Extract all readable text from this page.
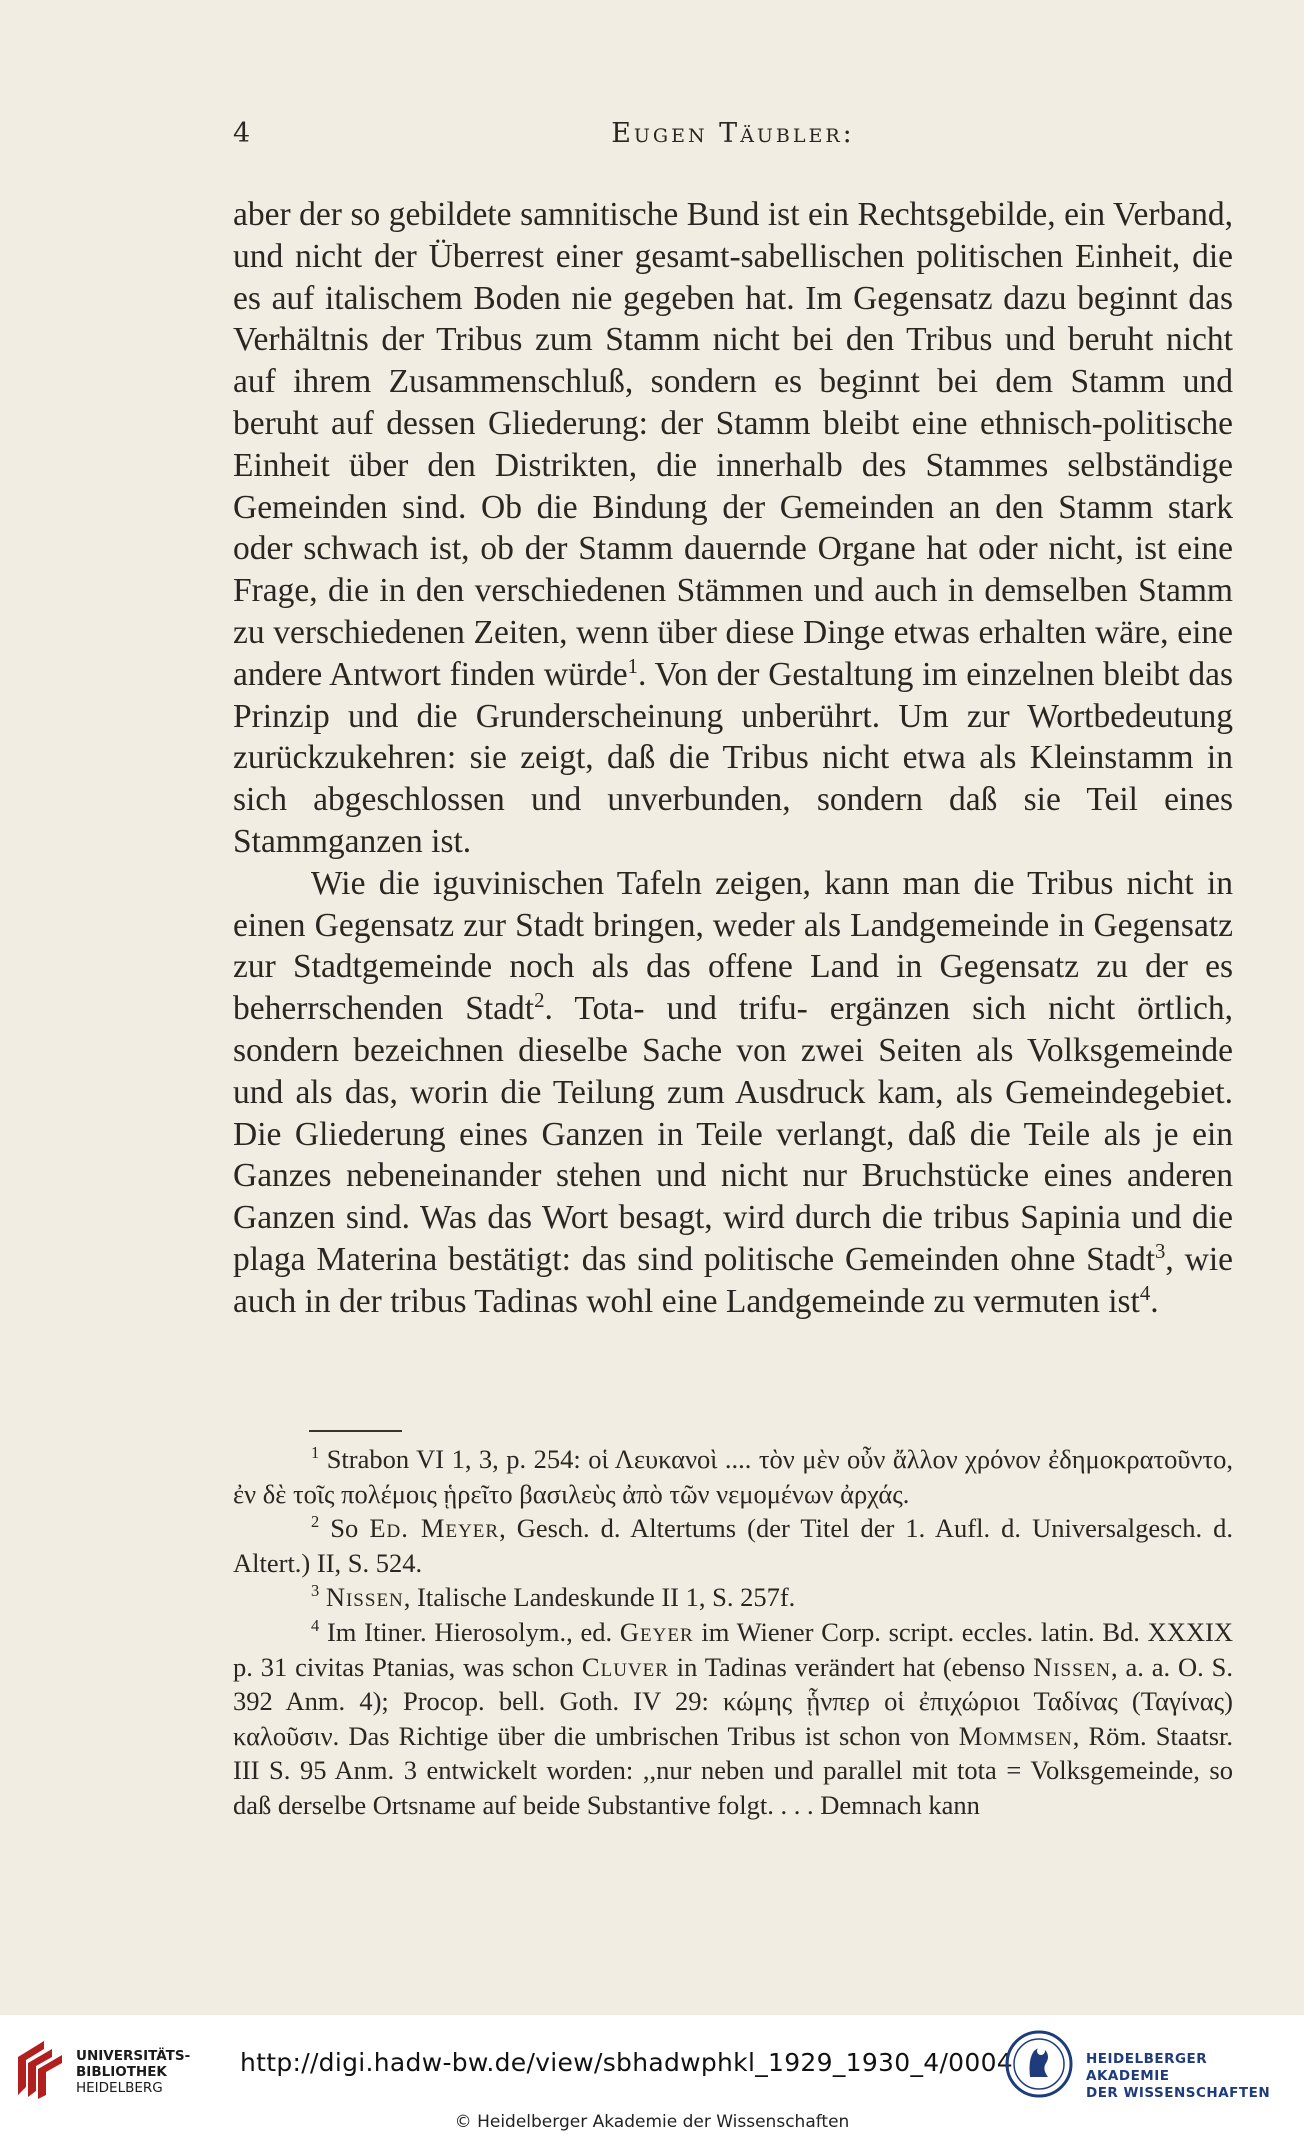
4	Eugen Täubler:

aber der so gebildete samnitische Bund ist ein Rechtsgebilde, ein Verband, und nicht der Überrest einer gesamt-sabellischen politischen Einheit, die es auf italischem Boden nie gegeben hat. Im Gegensatz dazu beginnt das Verhältnis der Tribus zum Stamm nicht bei den Tribus und beruht nicht auf ihrem Zusammenschluß, sondern es beginnt bei dem Stamm und beruht auf dessen Gliederung: der Stamm bleibt eine ethnisch-politische Einheit über den Distrikten, die innerhalb des Stammes selbständige Gemeinden sind. Ob die Bindung der Gemeinden an den Stamm stark oder schwach ist, ob der Stamm dauernde Organe hat oder nicht, ist eine Frage, die in den verschiedenen Stämmen und auch in demselben Stamm zu verschiedenen Zeiten, wenn über diese Dinge etwas erhalten wäre, eine andere Antwort finden würde$^1$. Von der Gestaltung im einzelnen bleibt das Prinzip und die Grunderscheinung unberührt. Um zur Wortbedeutung zurückzukehren: sie zeigt, daß die Tribus nicht etwa als Kleinstamm in sich abgeschlossen und unverbunden, sondern daß sie Teil eines Stammganzen ist.

Wie die iguvinischen Tafeln zeigen, kann man die Tribus nicht in einen Gegensatz zur Stadt bringen, weder als Landgemeinde in Gegensatz zur Stadtgemeinde noch als das offene Land in Gegensatz zu der es beherrschenden Stadt$^2$. Tota- und trifu- ergänzen sich nicht örtlich, sondern bezeichnen dieselbe Sache von zwei Seiten als Volksgemeinde und als das, worin die Teilung zum Ausdruck kam, als Gemeindegebiet. Die Gliederung eines Ganzen in Teile verlangt, daß die Teile als je ein Ganzes nebeneinander stehen und nicht nur Bruchstücke eines anderen Ganzen sind. Was das Wort besagt, wird durch die tribus Sapinia und die plaga Materina bestätigt: das sind politische Gemeinden ohne Stadt$^3$, wie auch in der tribus Tadinas wohl eine Landgemeinde zu vermuten ist$^4$.

$^1$ Strabon VI 1, 3, p. 254: οἱ Λευκανοὶ .... τὸν μὲν οὖν ἄλλον χρόνον ἐδημοκρατοῦντο, ἐν δὲ τοῖς πολέμοις ᾑρεῖτο βασιλεὺς ἀπὸ τῶν νεμομένων ἀρχάς.

$^2$ So Ed. Meyer, Gesch. d. Altertums (der Titel der 1. Aufl. d. Universalgesch. d. Altert.) II, S. 524.

$^3$ Nissen, Italische Landeskunde II 1, S. 257f.

$^4$ Im Itiner. Hierosolym., ed. Geyer im Wiener Corp. script. eccles. latin. Bd. XXXIX p. 31 civitas Ptanias, was schon Cluver in Tadinas verändert hat (ebenso Nissen, a. a. O. S. 392 Anm. 4); Procop. bell. Goth. IV 29: κώμης ᾗνπερ οἱ ἐπιχώριοι Ταδίνας (Ταγίνας) καλοῦσιν. Das Richtige über die umbrischen Tribus ist schon von Mommsen, Röm. Staatsr. III S. 95 Anm. 3 entwickelt worden: ,,nur neben und parallel mit tota = Volksgemeinde, so daß derselbe Ortsname auf beide Substantive folgt. . . . Demnach kann

UNIVERSITÄTS-
BIBLIOTHEK
HEIDELBERG
http://digi.hadw-bw.de/view/sbhadwphkl_1929_1930_4/0004
© Heidelberger Akademie der Wissenschaften
HEIDELBERGER AKADEMIE
DER WISSENSCHAFTEN
